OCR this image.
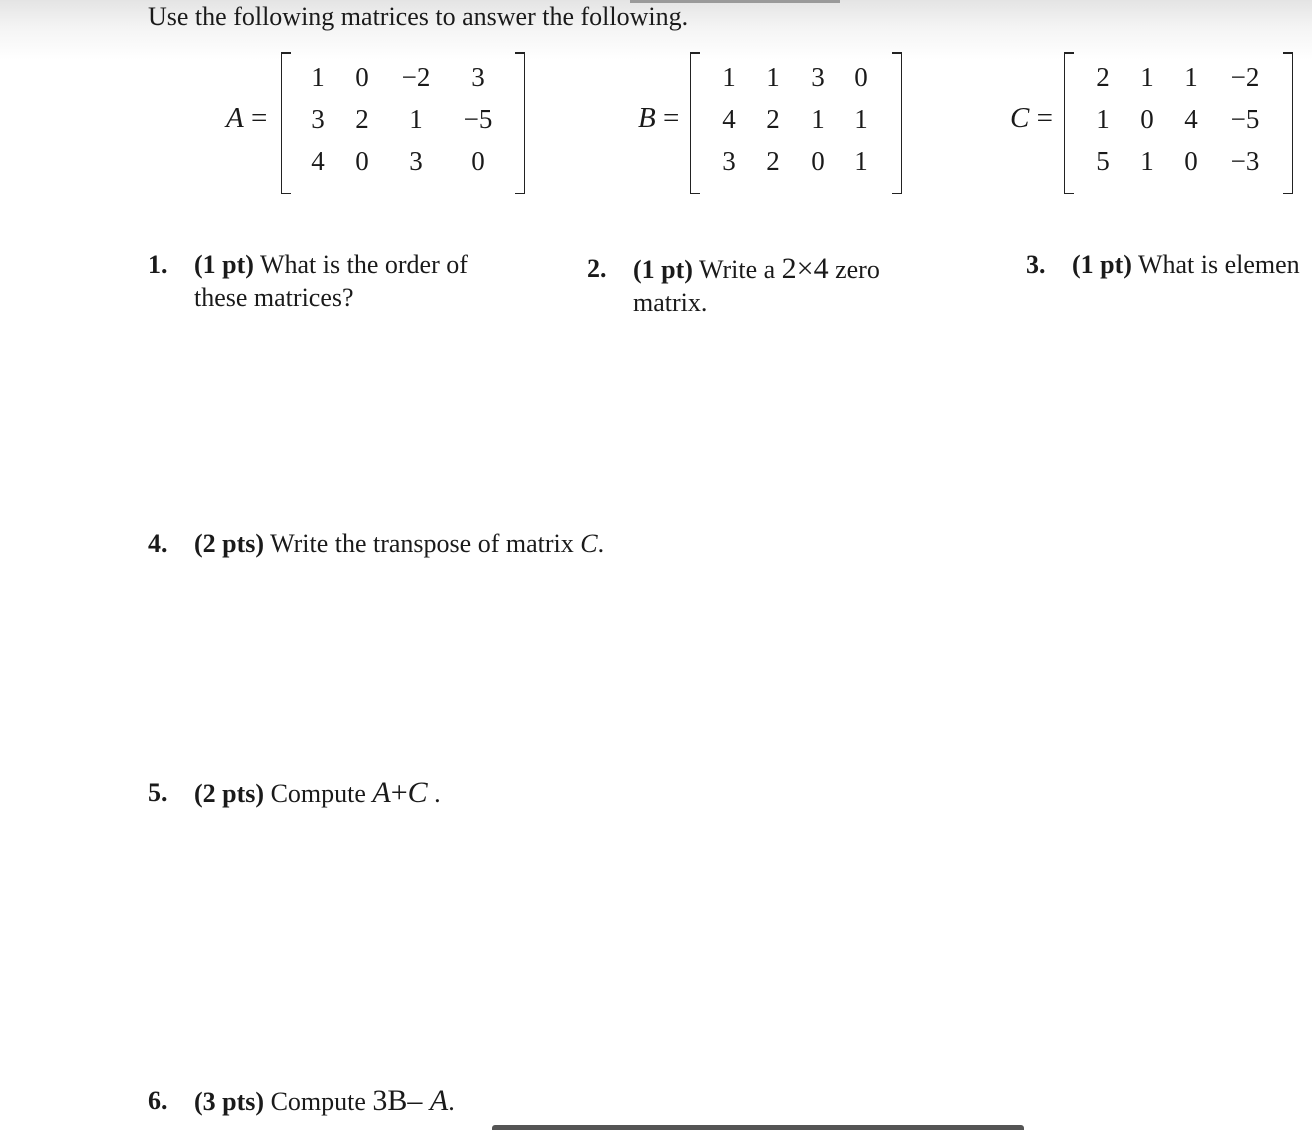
Use the following matrices to answer the following.
A =
1	0	−2	3
3	2	1	−5
4	0	3	0
B =
1	1	3	0
4	2	1	1
3	2	0	1
C =
2	1	1	−2
1	0	4	−5
5	1	0	−3
1. (1 pt) What is the order of
these matrices?
2. (1 pt) Write a 2×4 zero
matrix.
3. (1 pt) What is elemen
4. (2 pts) Write the transpose of matrix C.
5. (2 pts) Compute A+C .
6. (3 pts) Compute 3B– A.
